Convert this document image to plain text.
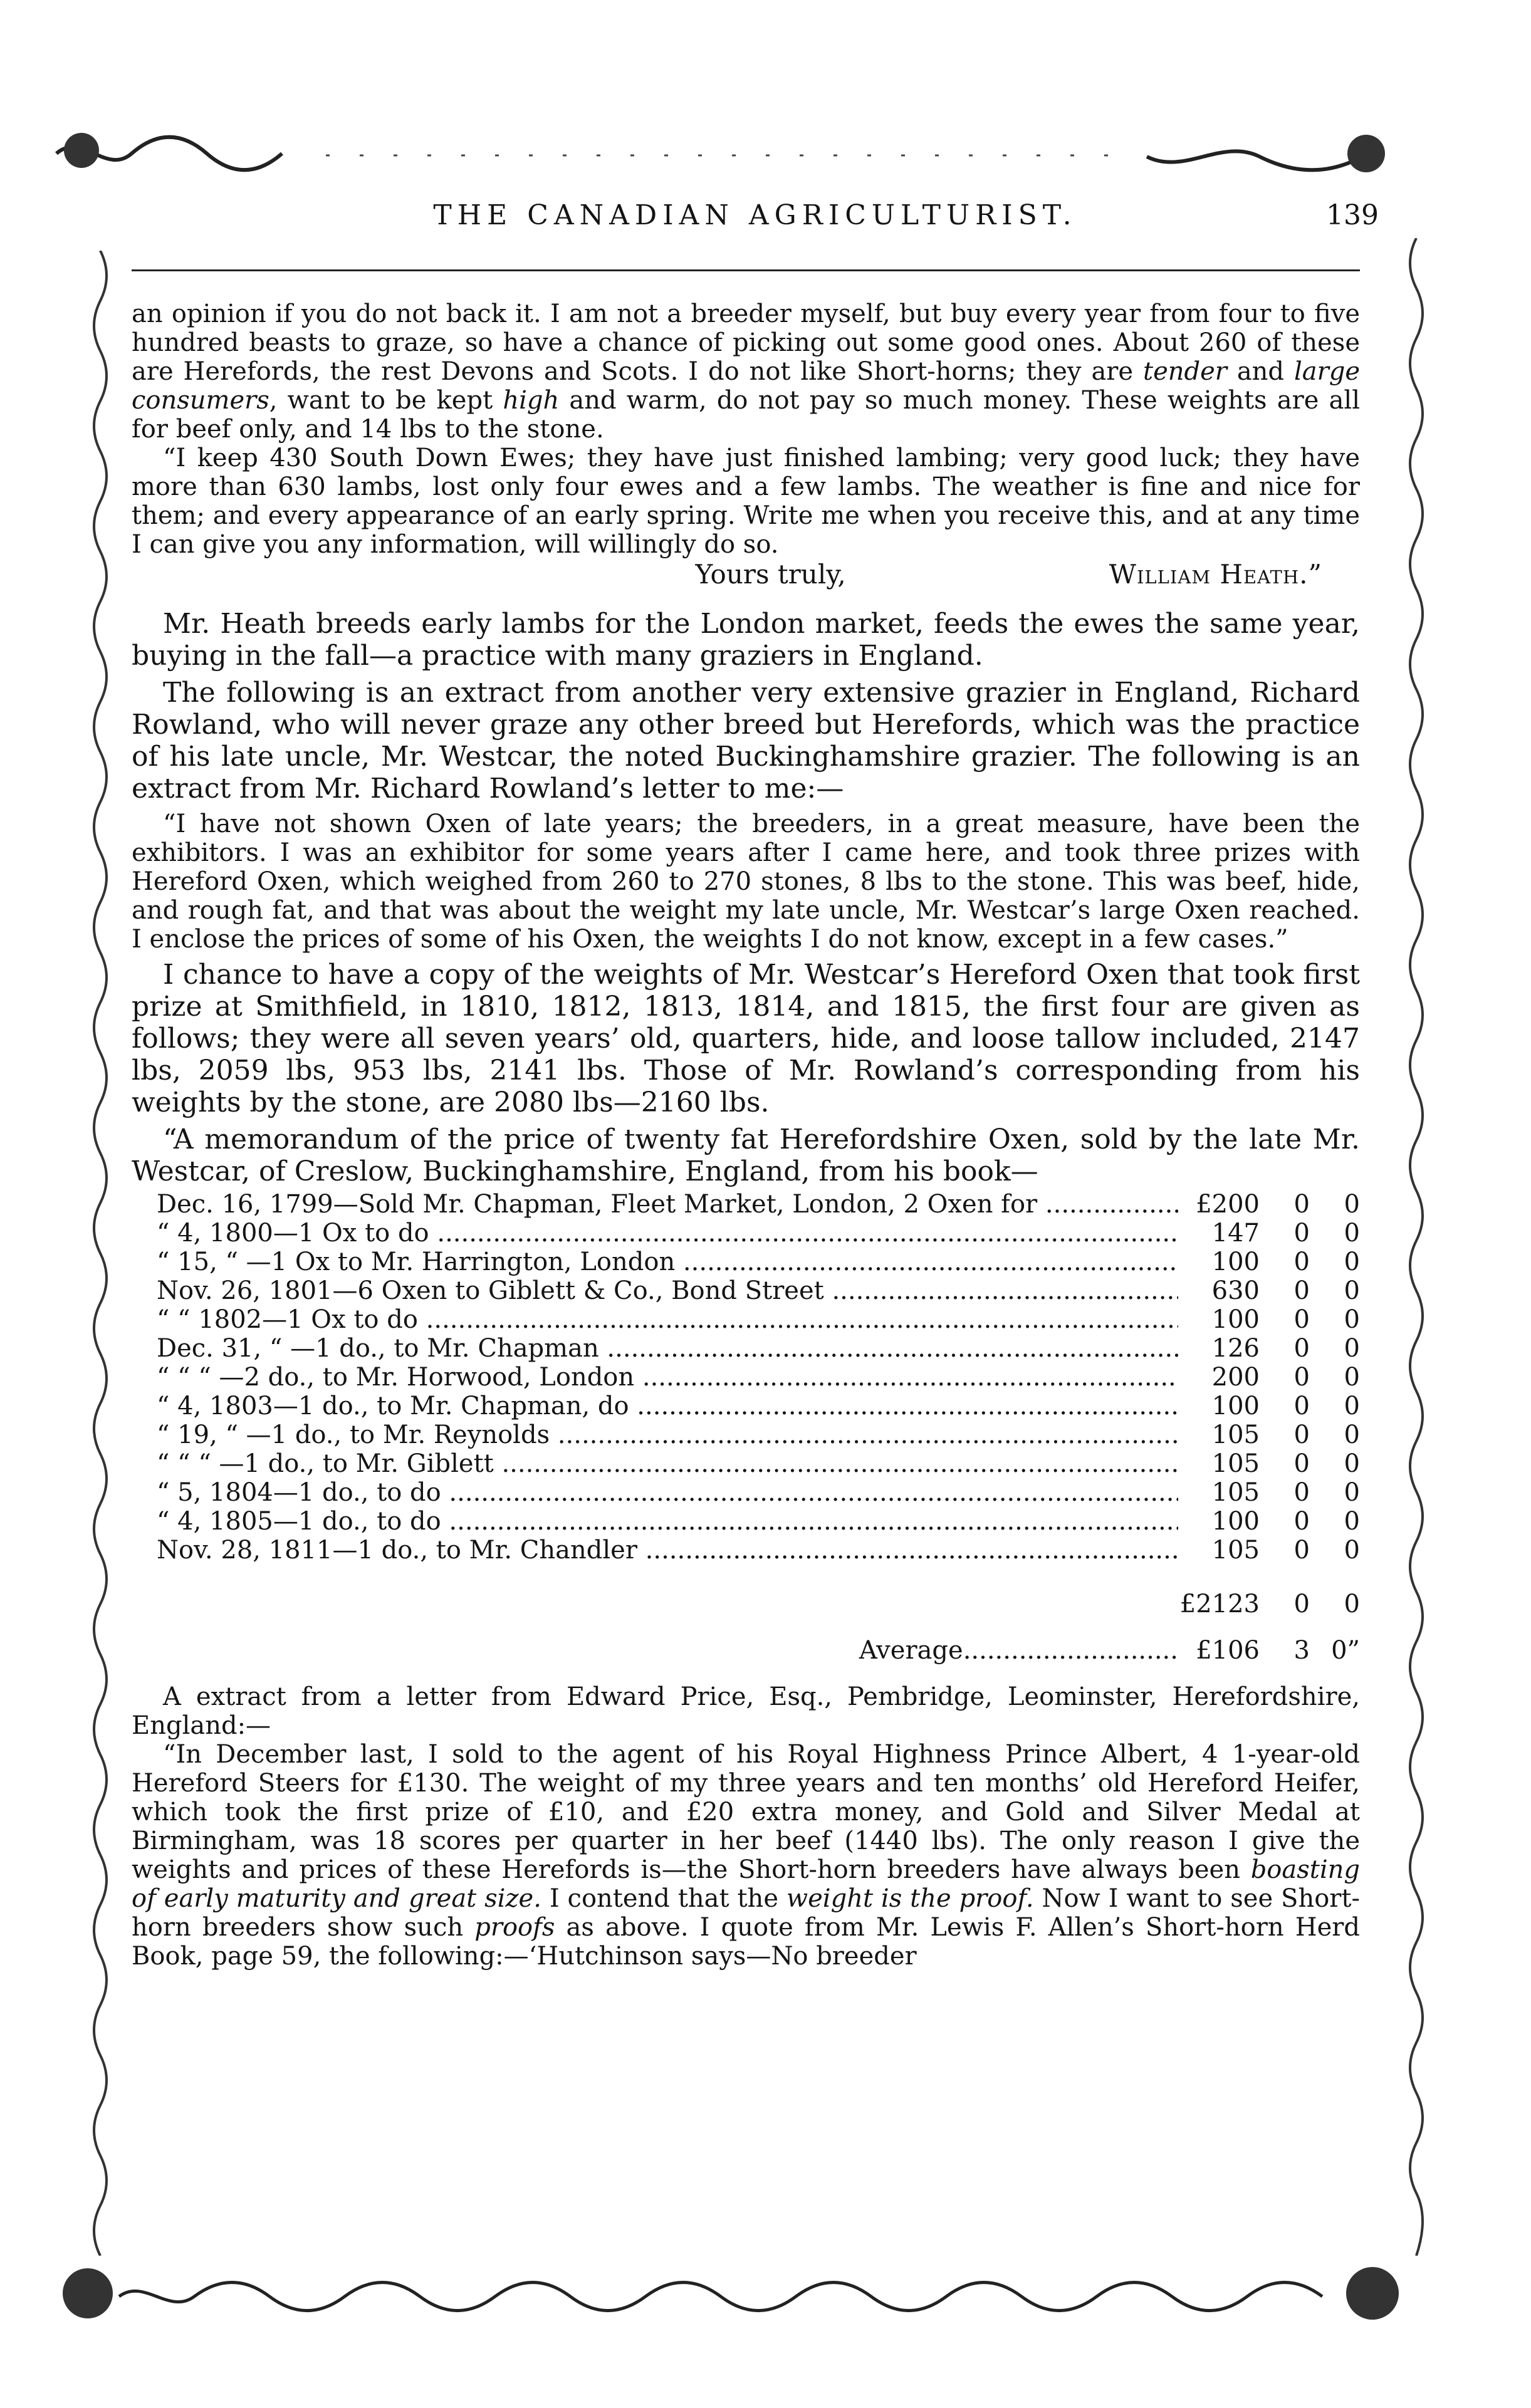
THE CANADIAN AGRICULTURIST.	139

an opinion if you do not back it. I am not a breeder myself, but buy every year from four to five hundred beasts to graze, so have a chance of picking out some good ones. About 260 of these are Herefords, the rest Devons and Scots. I do not like Short-horns; they are tender and large consumers, want to be kept high and warm, do not pay so much money. These weights are all for beef only, and 14 lbs to the stone.

“I keep 430 South Down Ewes; they have just finished lambing; very good luck; they have more than 630 lambs, lost only four ewes and a few lambs. The weather is fine and nice for them; and every appearance of an early spring. Write me when you receive this, and at any time I can give you any information, will willingly do so.

Yours truly,	William Heath.”

Mr. Heath breeds early lambs for the London market, feeds the ewes the same year, buying in the fall—a practice with many graziers in England.

The following is an extract from another very extensive grazier in England, Richard Rowland, who will never graze any other breed but Herefords, which was the practice of his late uncle, Mr. Westcar, the noted Buckinghamshire grazier. The following is an extract from Mr. Richard Rowland’s letter to me:—

“I have not shown Oxen of late years; the breeders, in a great measure, have been the exhibitors. I was an exhibitor for some years after I came here, and took three prizes with Hereford Oxen, which weighed from 260 to 270 stones, 8 lbs to the stone. This was beef, hide, and rough fat, and that was about the weight my late uncle, Mr. Westcar’s large Oxen reached. I enclose the prices of some of his Oxen, the weights I do not know, except in a few cases.”

I chance to have a copy of the weights of Mr. Westcar’s Hereford Oxen that took first prize at Smithfield, in 1810, 1812, 1813, 1814, and 1815, the first four are given as follows; they were all seven years’ old, quarters, hide, and loose tallow included, 2147 lbs, 2059 lbs, 953 lbs, 2141 lbs. Those of Mr. Rowland’s corresponding from his weights by the stone, are 2080 lbs—2160 lbs.

“A memorandum of the price of twenty fat Herefordshire Oxen, sold by the late Mr. Westcar, of Creslow, Buckinghamshire, England, from his book—

Dec. 16, 1799—Sold Mr. Chapman, Fleet Market, London, 2 Oxen for .....	£200	0	0
“ 4, 1800—1 Ox to do .....	147	0	0
“ 15, “ —1 Ox to Mr. Harrington, London .....	100	0	0
Nov. 26, 1801—6 Oxen to Giblett & Co., Bond Street .....	630	0	0
“ “ 1802—1 Ox to do .....	100	0	0
Dec. 31, “ —1 do., to Mr. Chapman .....	126	0	0
“ “ “ —2 do., to Mr. Horwood, London .....	200	0	0
“ 4, 1803—1 do., to Mr. Chapman, do .....	100	0	0
“ 19, “ —1 do., to Mr. Reynolds .....	105	0	0
“ “ “ —1 do., to Mr. Giblett .....	105	0	0
“ 5, 1804—1 do., to do .....	105	0	0
“ 4, 1805—1 do., to do .....	100	0	0
Nov. 28, 1811—1 do., to Mr. Chandler .....	105	0	0
£2123	0	0
Average........................... £106	3 0”

A extract from a letter from Edward Price, Esq., Pembridge, Leominster, Herefordshire, England:—

“In December last, I sold to the agent of his Royal Highness Prince Albert, 4 1-year-old Hereford Steers for £130. The weight of my three years and ten months’ old Hereford Heifer, which took the first prize of £10, and £20 extra money, and Gold and Silver Medal at Birmingham, was 18 scores per quarter in her beef (1440 lbs). The only reason I give the weights and prices of these Herefords is—the Short-horn breeders have always been boasting of early maturity and great size. I contend that the weight is the proof. Now I want to see Short-horn breeders show such proofs as above. I quote from Mr. Lewis F. Allen’s Short-horn Herd Book, page 59, the following:—‘Hutchinson says—No breeder
